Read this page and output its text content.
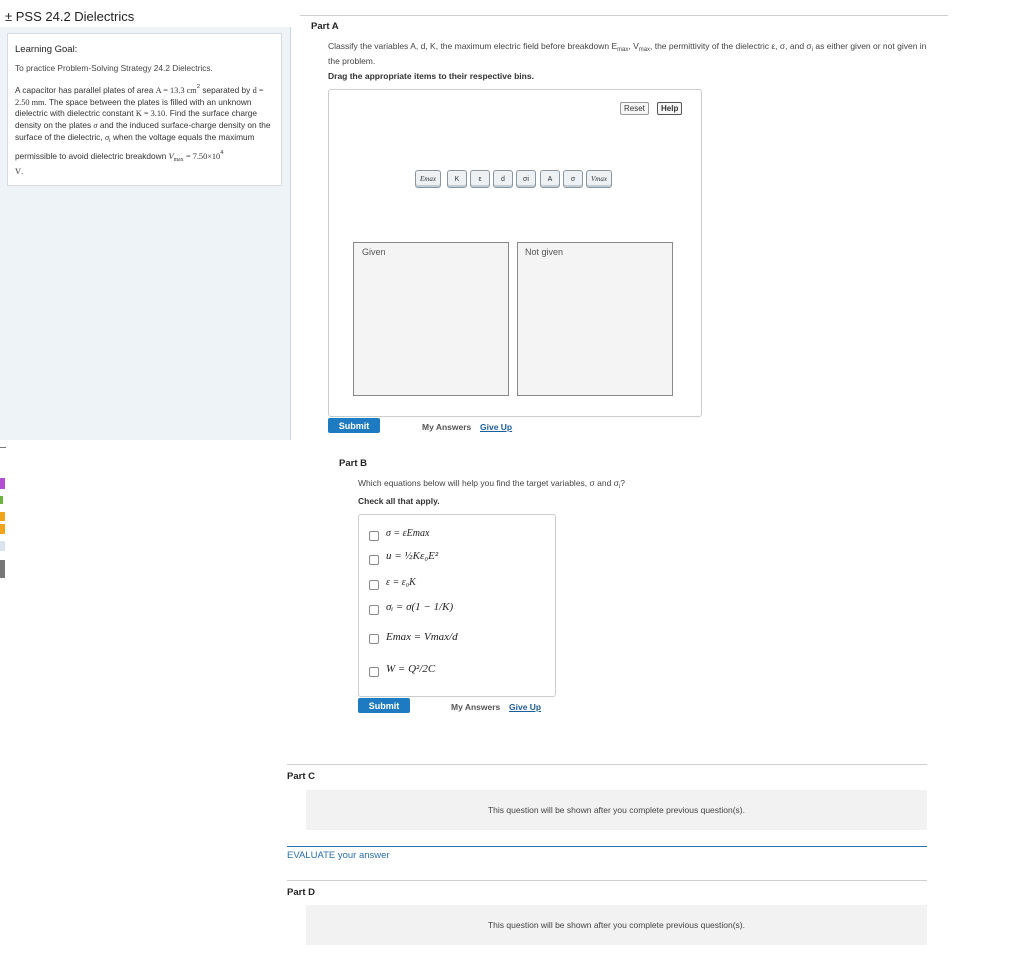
± PSS 24.2 Dielectrics
Learning Goal:
To practice Problem-Solving Strategy 24.2 Dielectrics.
A capacitor has parallel plates of area A = 13.3 $cm^2$ separated by d = 2.50 mm. The space between the plates is filled with an unknown dielectric with dielectric constant K = 3.10. Find the surface charge density on the plates σ and the induced surface-charge density on the surface of the dielectric, $\sigma_i$ when the voltage equals the maximum permissible to avoid dielectric breakdown $V_{max} = 7.50\times 10^4$
V.
Part A
Classify the variables A, d, K, the maximum electric field before breakdown $E_{max}$, $V_{max}$, the permittivity of the dielectric ε, σ, and $\sigma_i$ as either given or not given in the problem.
Drag the appropriate items to their respective bins.
Reset	Help
Emax	K	ε	d	σi	A	σ Vmax
Given	Not given
Submit	My Answers Give Up
Part B
Which equations below will help you find the target variables, σ and $\sigma_i$?
Check all that apply.
σ = εEmax
u = ½Kε₀E²
ε = ε₀K
σᵢ = σ(1 − 1/K)
Emax = Vmax/d
W = Q²/2C
Submit	My Answers Give Up
Part C
This question will be shown after you complete previous question(s).
EVALUATE your answer
Part D
This question will be shown after you complete previous question(s).
